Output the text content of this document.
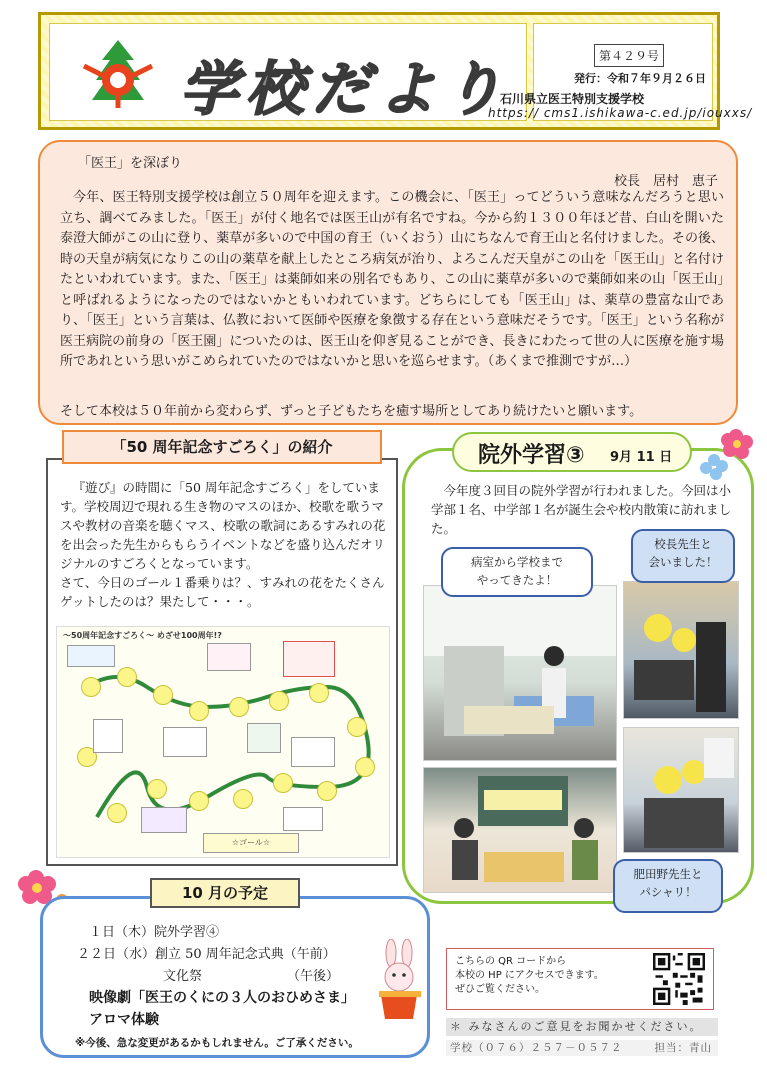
学校だより	第４２９号
発行：令和７年９月２６日
石川県立医王特別支援学校
https:// cms1.ishikawa-c.ed.jp/iouxxs/
「医王」を深ぼり
校長　居村　恵子
今年、医王特別支援学校は創立５０周年を迎えます。この機会に、「医王」ってどういう意味なんだろうと思い立ち、調べてみました。「医王」が付く地名では医王山が有名ですね。今から約１３００年ほど昔、白山を開いた泰澄大師がこの山に登り、薬草が多いので中国の育王（いくおう）山にちなんで育王山と名付けました。その後、時の天皇が病気になりこの山の薬草を献上したところ病気が治り、よろこんだ天皇がこの山を「医王山」と名付けたといわれています。また、「医王」は薬師如来の別名でもあり、この山に薬草が多いので薬師如来の山「医王山」と呼ばれるようになったのではないかともいわれています。どちらにしても「医王山」は、薬草の豊富な山であり、「医王」という言葉は、仏教において医師や医療を象徴する存在という意味だそうです。「医王」という名称が医王病院の前身の「医王園」についたのは、医王山を仰ぎ見ることができ、長きにわたって世の人に医療を施す場所であれという思いがこめられていたのではないかと思いを巡らせます。（あくまで推測ですが…）
そして本校は５０年前から変わらず、ずっと子どもたちを癒す場所としてあり続けたいと願います。

『遊び』の時間に「50 周年記念すごろく」をしています。学校周辺で現れる生き物のマスのほか、校歌を歌うマスや教材の音楽を聴くマス、校歌の歌詞にあるすみれの花を出会った先生からもらうイベントなどを盛り込んだオリジナルのすごろくとなっています。

さて、今日のゴール１番乗りは？、すみれの花をたくさんゲットしたのは？果たして・・・。

～50周年記念すごろく～ めざせ100周年!?
☆ゴール☆
「50 周年記念すごろく」の紹介
今年度３回目の院外学習が行われました。今回は小学部１名、中学部１名が誕生会や校内散策に訪れました。
病室から学校まで
やってきたよ！
校長先生と
会いました！
肥田野先生と
パシャリ！
院外学習③ 9月 11 日
１日（木）院外学習④
２２日（水）創立 50 周年記念式典（午前）
文化祭	（午後）
映像劇「医王のくにの３人のおひめさま」
アロマ体験
※今後、急な変更があるかもしれません。ご了承ください。
10 月の予定
こちらの QR コードから
本校の HP にアクセスできます。
ぜひご覧ください。
＊ みなさんのご意見をお聞かせください。
学校（０７６）２５７－０５７２	担当：青山
